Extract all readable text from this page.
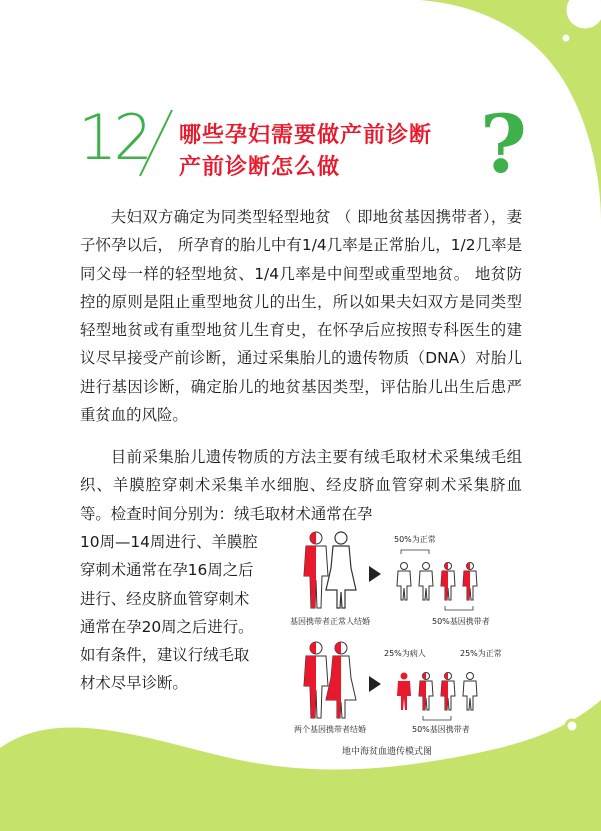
12 哪些孕妇需要做产前诊断
产前诊断怎么做 ?

夫妇双方确定为同类型轻型地贫 （ 即地贫基因携带者），妻子怀孕以后， 所孕育的胎儿中有1/4几率是正常胎儿，1/2几率是同父母一样的轻型地贫、1/4几率是中间型或重型地贫。 地贫防控的原则是阻止重型地贫儿的出生，所以如果夫妇双方是同类型轻型地贫或有重型地贫儿生育史，在怀孕后应按照专科医生的建议尽早接受产前诊断，通过采集胎儿的遗传物质（DNA）对胎儿进行基因诊断，确定胎儿的地贫基因类型，评估胎儿出生后患严重贫血的风险。

目前采集胎儿遗传物质的方法主要有绒毛取材术采集绒毛组织、羊膜腔穿刺术采集羊水细胞、经皮脐血管穿刺术采集脐血等。检查时间分别为：绒毛取材术通常在孕

10周—14周进行、羊膜腔
穿刺术通常在孕16周之后
进行、经皮脐血管穿刺术
通常在孕20周之后进行。
如有条件，建议行绒毛取
材术尽早诊断。

50%为正常
基因携带者正常人结婚	50%基因携带者
25%为病人	25%为正常
两个基因携带者结婚	50%基因携带者
地中海贫血遗传模式图
